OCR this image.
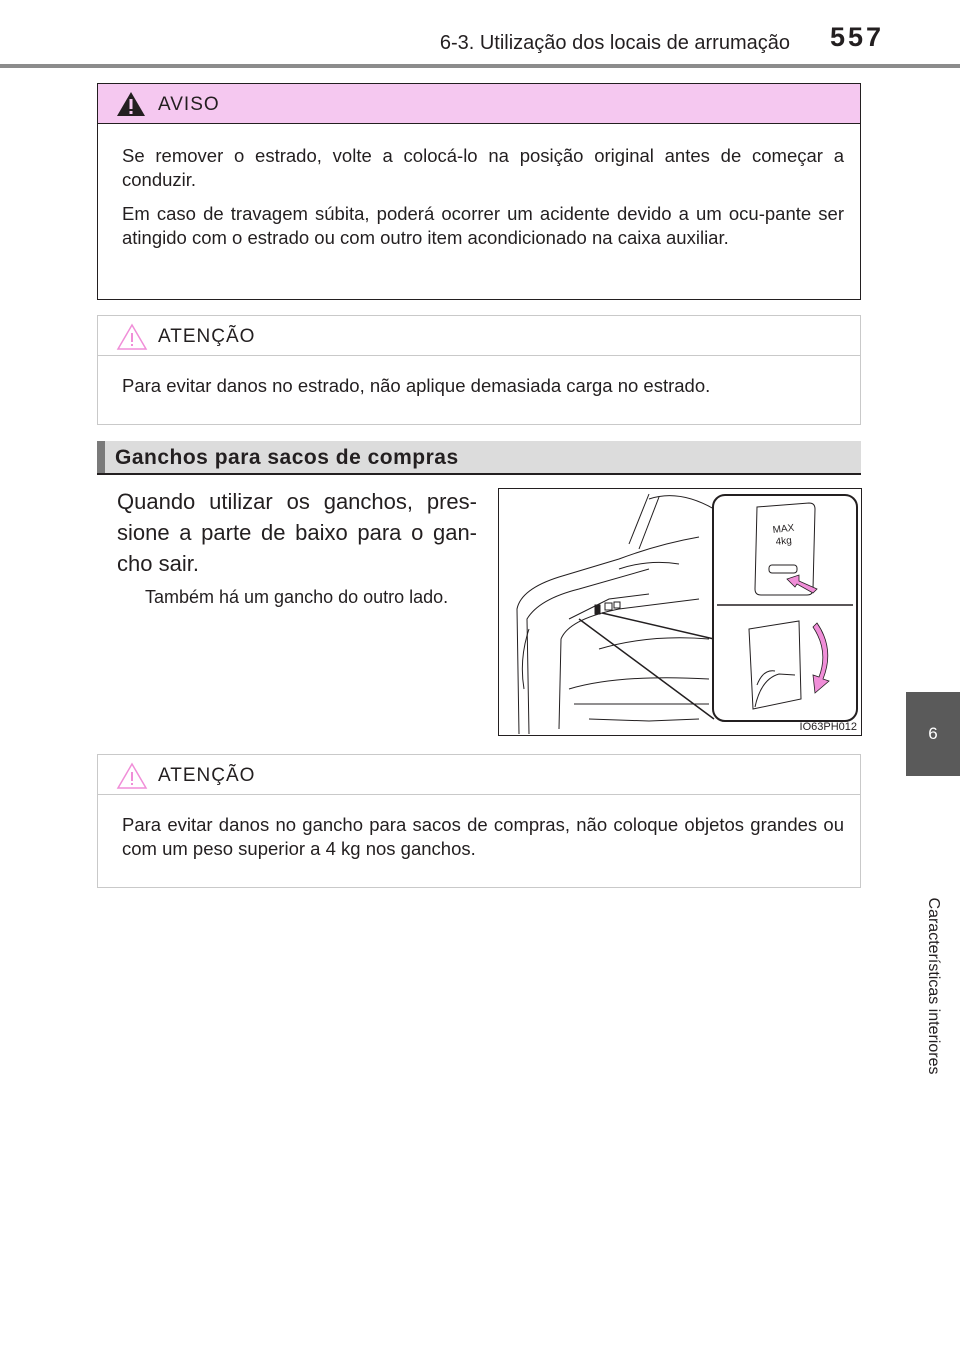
6-3. Utilização dos locais de arrumação 557
6
Características interiores
AVISO

Se remover o estrado, volte a colocá-lo na posição original antes de começar a conduzir.

Em caso de travagem súbita, poderá ocorrer um acidente devido a um ocu-pante ser atingido com o estrado ou com outro item acondicionado na caixa auxiliar.

ATENÇÃO

Para evitar danos no estrado, não aplique demasiada carga no estrado.

Ganchos para sacos de compras
Quando utilizar os ganchos, pres-sione a parte de baixo para o gan-cho sair.
Também há um gancho do outro lado.
MAX
4kg
IO63PH012
ATENÇÃO

Para evitar danos no gancho para sacos de compras, não coloque objetos grandes ou com um peso superior a 4 kg nos ganchos.
